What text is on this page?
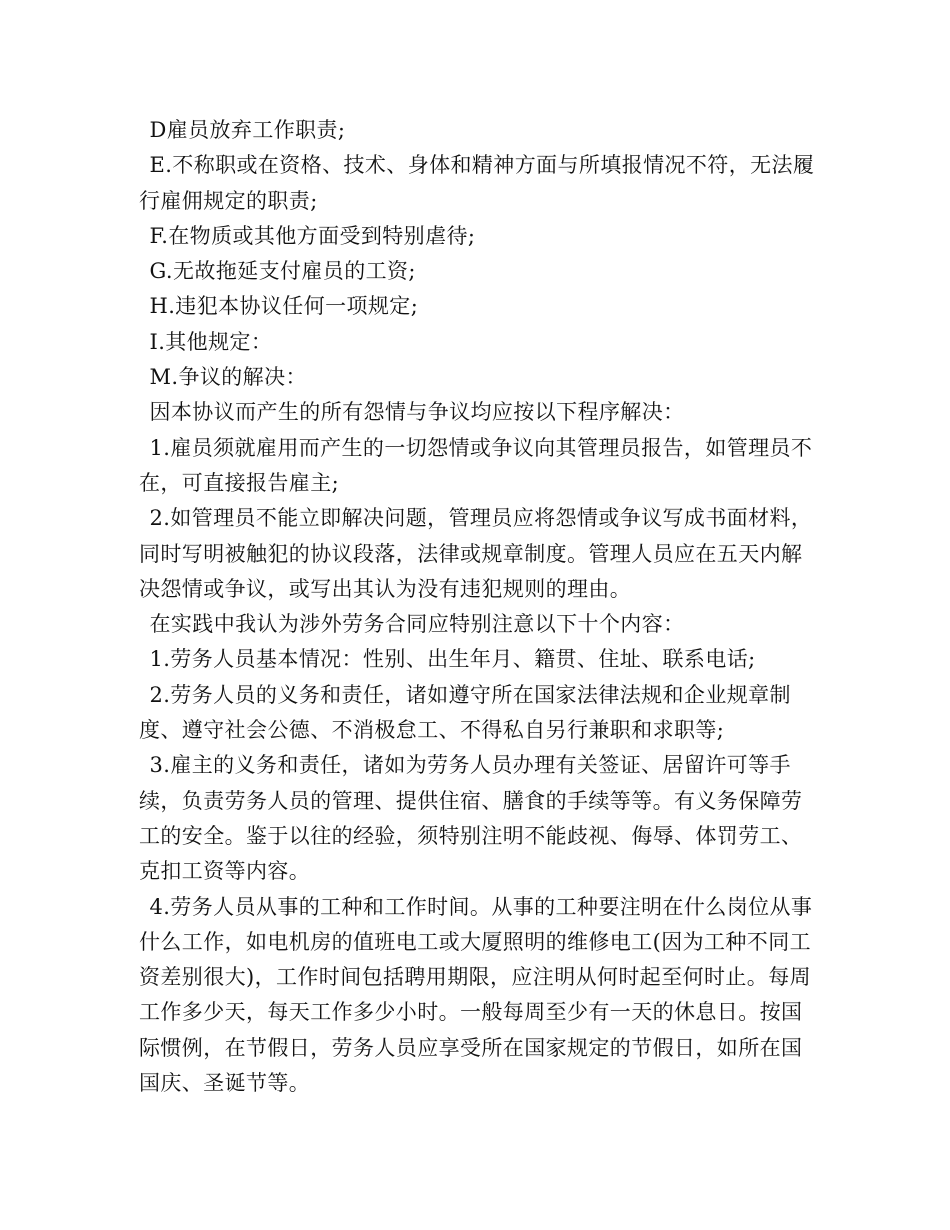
D雇员放弃工作职责;

E.不称职或在资格、技术、身体和精神方面与所填报情况不符，无法履行雇佣规定的职责;

F.在物质或其他方面受到特别虐待;

G.无故拖延支付雇员的工资;

H.违犯本协议任何一项规定;

I.其他规定：

M.争议的解决：

因本协议而产生的所有怨情与争议均应按以下程序解决：

1.雇员须就雇用而产生的一切怨情或争议向其管理员报告，如管理员不在，可直接报告雇主;

2.如管理员不能立即解决问题，管理员应将怨情或争议写成书面材料，同时写明被触犯的协议段落，法律或规章制度。管理人员应在五天内解决怨情或争议，或写出其认为没有违犯规则的理由。

在实践中我认为涉外劳务合同应特别注意以下十个内容：

1.劳务人员基本情况：性别、出生年月、籍贯、住址、联系电话;

2.劳务人员的义务和责任，诸如遵守所在国家法律法规和企业规章制度、遵守社会公德、不消极怠工、不得私自另行兼职和求职等;

3.雇主的义务和责任，诸如为劳务人员办理有关签证、居留许可等手续，负责劳务人员的管理、提供住宿、膳食的手续等等。有义务保障劳工的安全。鉴于以往的经验，须特别注明不能歧视、侮辱、体罚劳工、克扣工资等内容。

4.劳务人员从事的工种和工作时间。从事的工种要注明在什么岗位从事什么工作，如电机房的值班电工或大厦照明的维修电工(因为工种不同工资差别很大)，工作时间包括聘用期限，应注明从何时起至何时止。每周工作多少天，每天工作多少小时。一般每周至少有一天的休息日。按国际惯例，在节假日，劳务人员应享受所在国家规定的节假日，如所在国国庆、圣诞节等。
